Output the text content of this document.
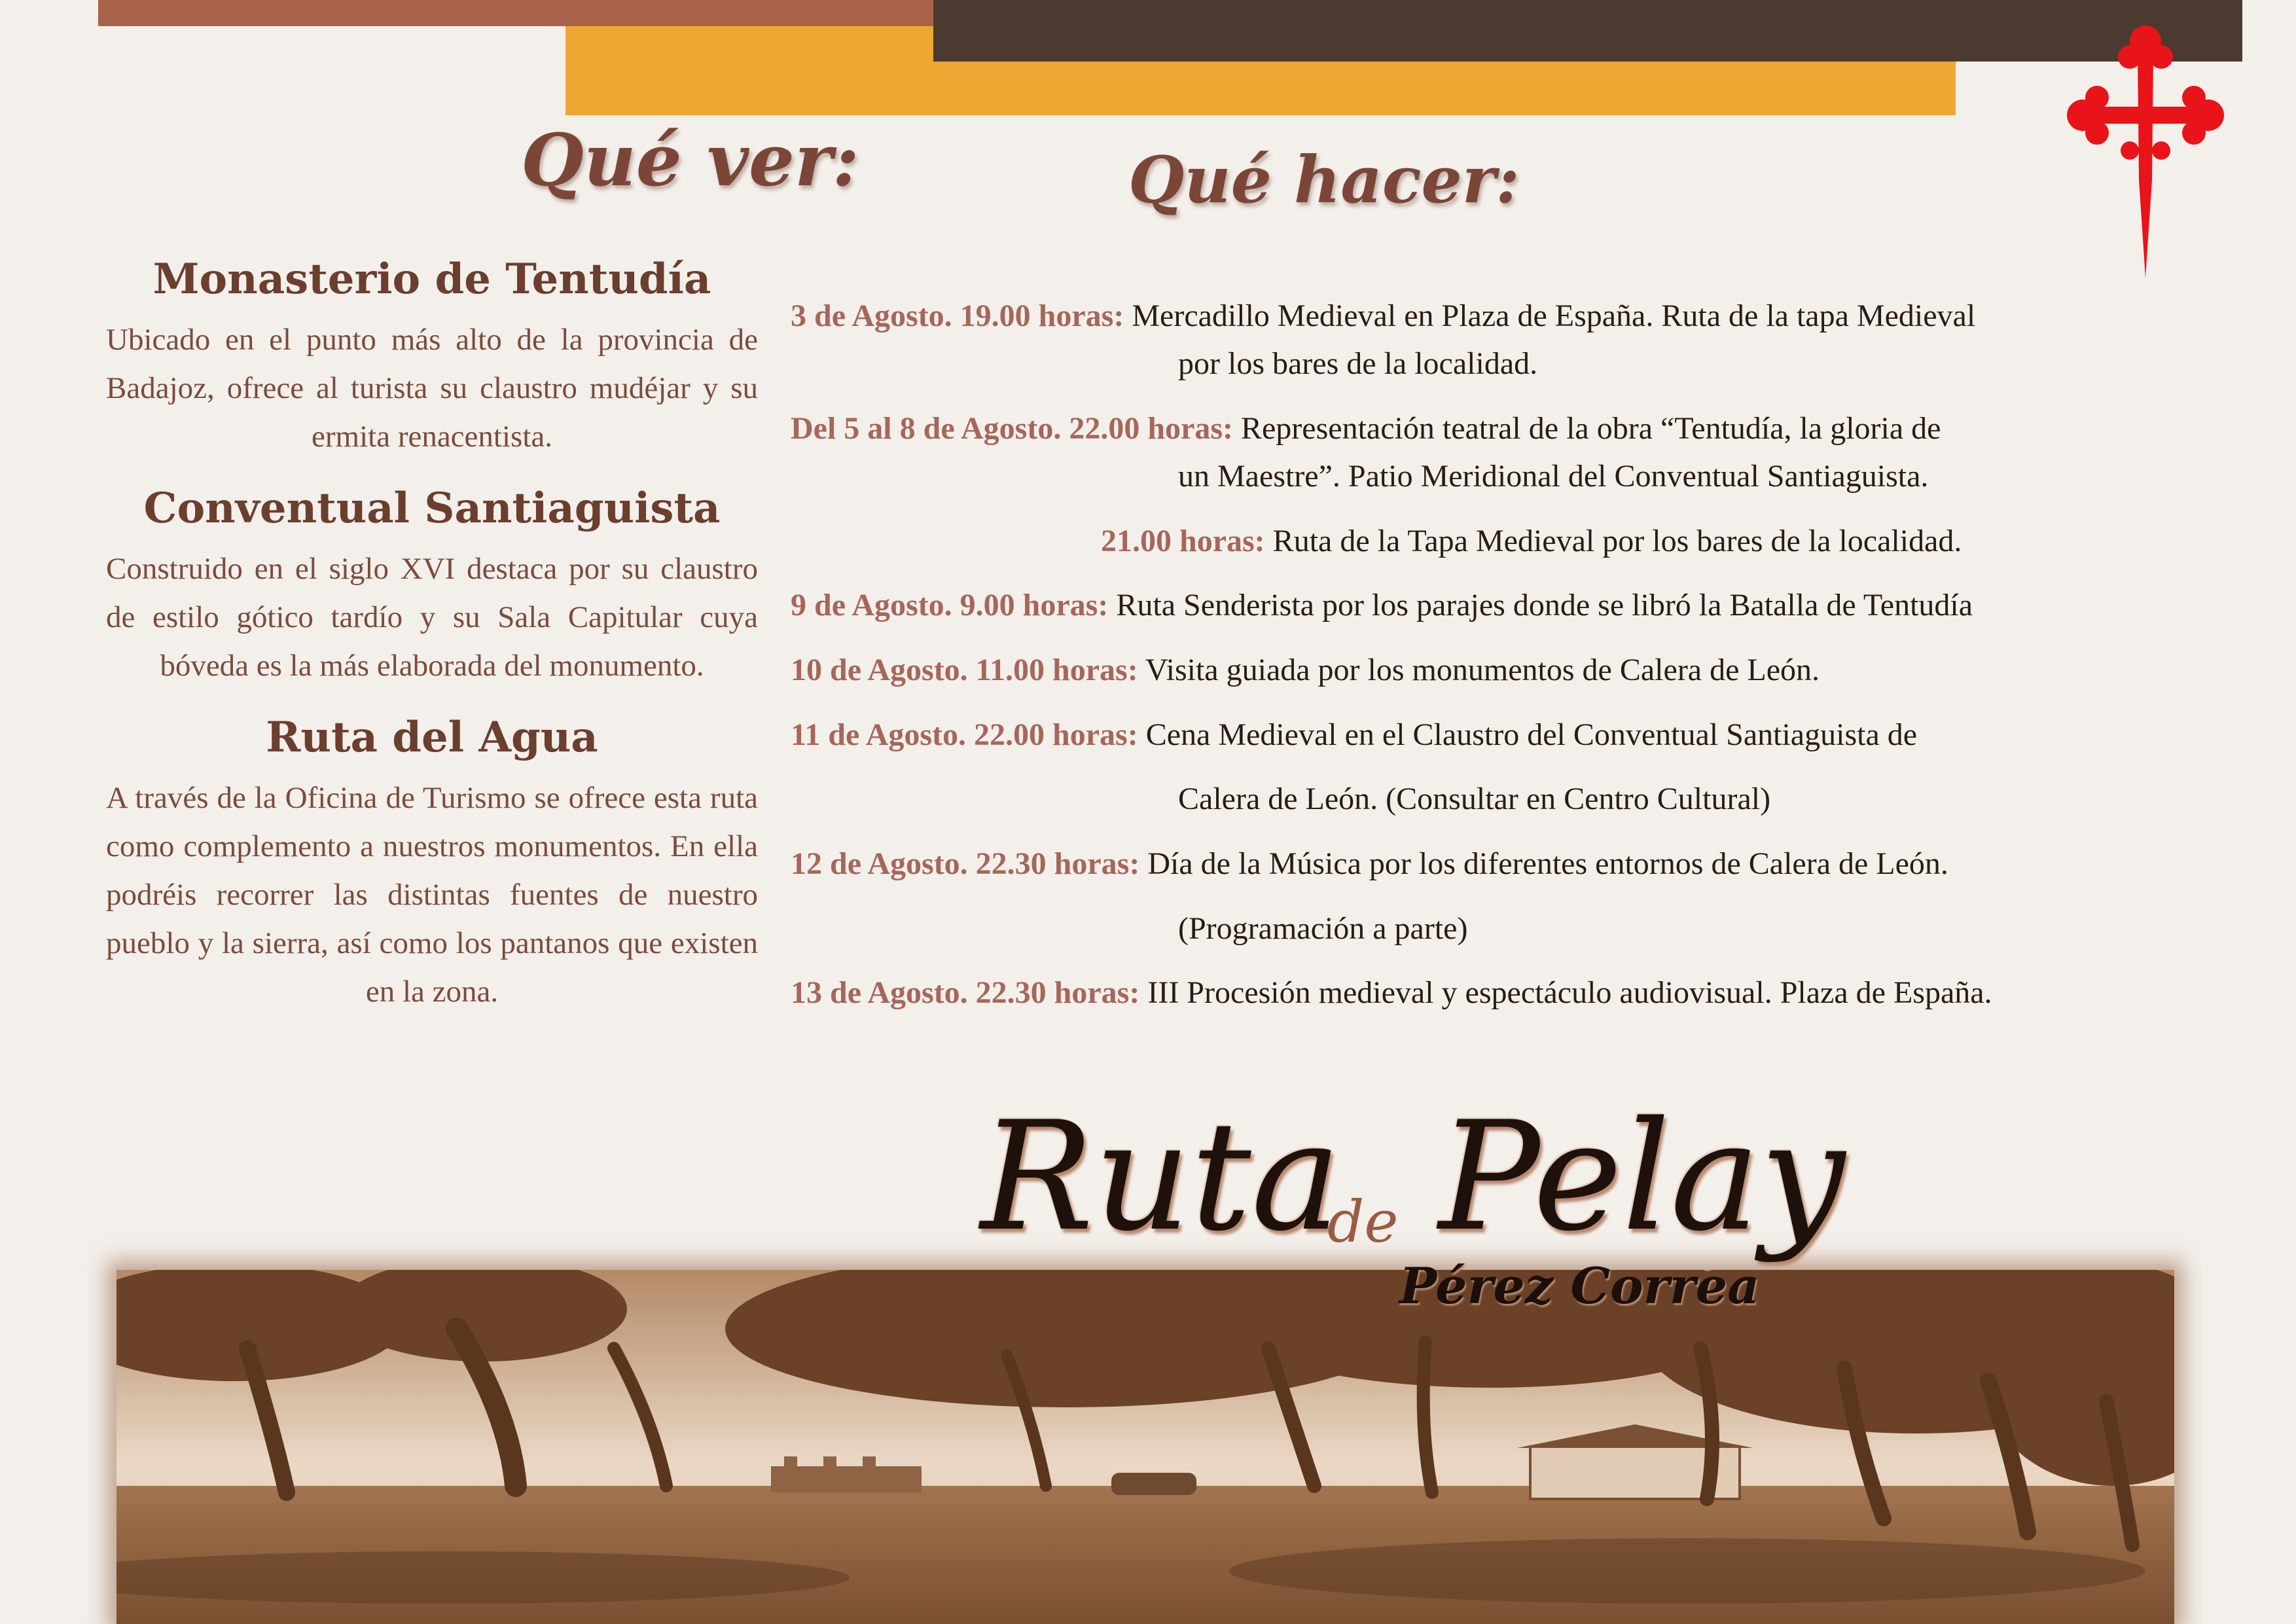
Qué ver:	Qué hacer:
Monasterio de Tentudía

Ubicado en el punto más alto de la provincia de Badajoz, ofrece al turista su claustro mudéjar y su ermita renacentista.

Conventual Santiaguista

Construido en el siglo XVI destaca por su claustro de estilo gótico tardío y su Sala Capitular cuya bóveda es la más elaborada del monumento.

Ruta del Agua

A través de la Oficina de Turismo se ofrece esta ruta como complemento a nuestros monumentos. En ella podréis recorrer las distintas fuentes de nuestro pueblo y la sierra, así como los pantanos que existen en la zona.

3 de Agosto. 19.00 horas: Mercadillo Medieval en Plaza de España. Ruta de la tapa Medieval
por los bares de la localidad.
Del 5 al 8 de Agosto. 22.00 horas: Representación teatral de la obra “Tentudía, la gloria de
un Maestre”. Patio Meridional del Conventual Santiaguista.
21.00 horas: Ruta de la Tapa Medieval por los bares de la localidad.
9 de Agosto. 9.00 horas: Ruta Senderista por los parajes donde se libró la Batalla de Tentudía
10 de Agosto. 11.00 horas: Visita guiada por los monumentos de Calera de León.
11 de Agosto. 22.00 horas: Cena Medieval en el Claustro del Conventual Santiaguista de
Calera de León. (Consultar en Centro Cultural)
12 de Agosto. 22.30 horas: Día de la Música por los diferentes entornos de Calera de León.
(Programación a parte)
13 de Agosto. 22.30 horas: III Procesión medieval y espectáculo audiovisual. Plaza de España.
Ruta
de Pelay
Pérez Correa
